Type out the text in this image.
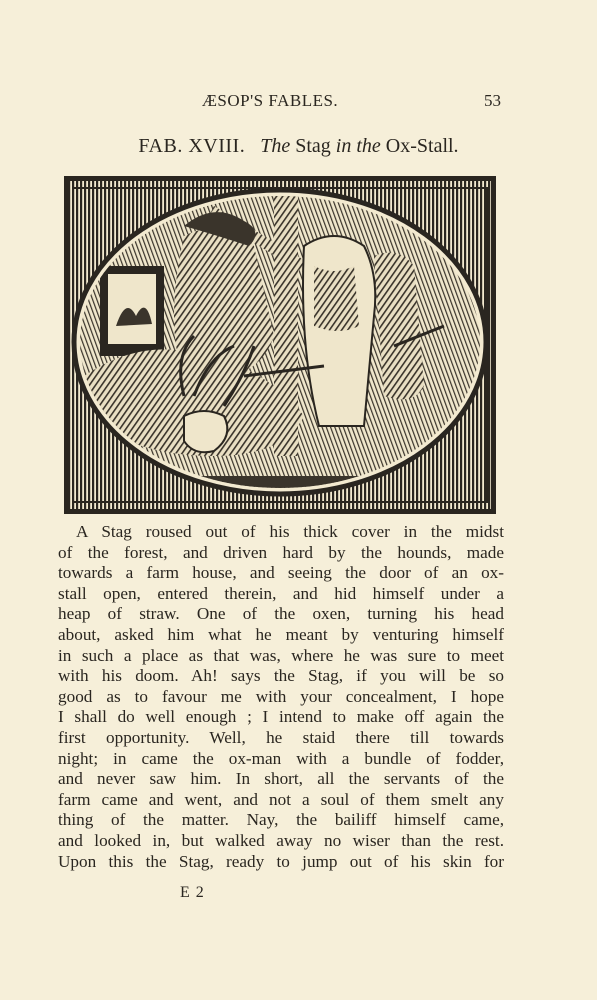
ÆSOP'S FABLES.	53
FAB. XVIII. The Stag in the Ox-Stall.
A Stag roused out of his thick cover in the midst
of the forest, and driven hard by the hounds, made
towards a farm house, and seeing the door of an ox-
stall open, entered therein, and hid himself under a
heap of straw. One of the oxen, turning his head
about, asked him what he meant by venturing himself
in such a place as that was, where he was sure to meet
with his doom. Ah! says the Stag, if you will be so
good as to favour me with your concealment, I hope
I shall do well enough ; I intend to make off again the
first opportunity. Well, he staid there till towards
night; in came the ox-man with a bundle of fodder,
and never saw him. In short, all the servants of the
farm came and went, and not a soul of them smelt any
thing of the matter. Nay, the bailiff himself came,
and looked in, but walked away no wiser than the rest.
Upon this the Stag, ready to jump out of his skin for
E 2
